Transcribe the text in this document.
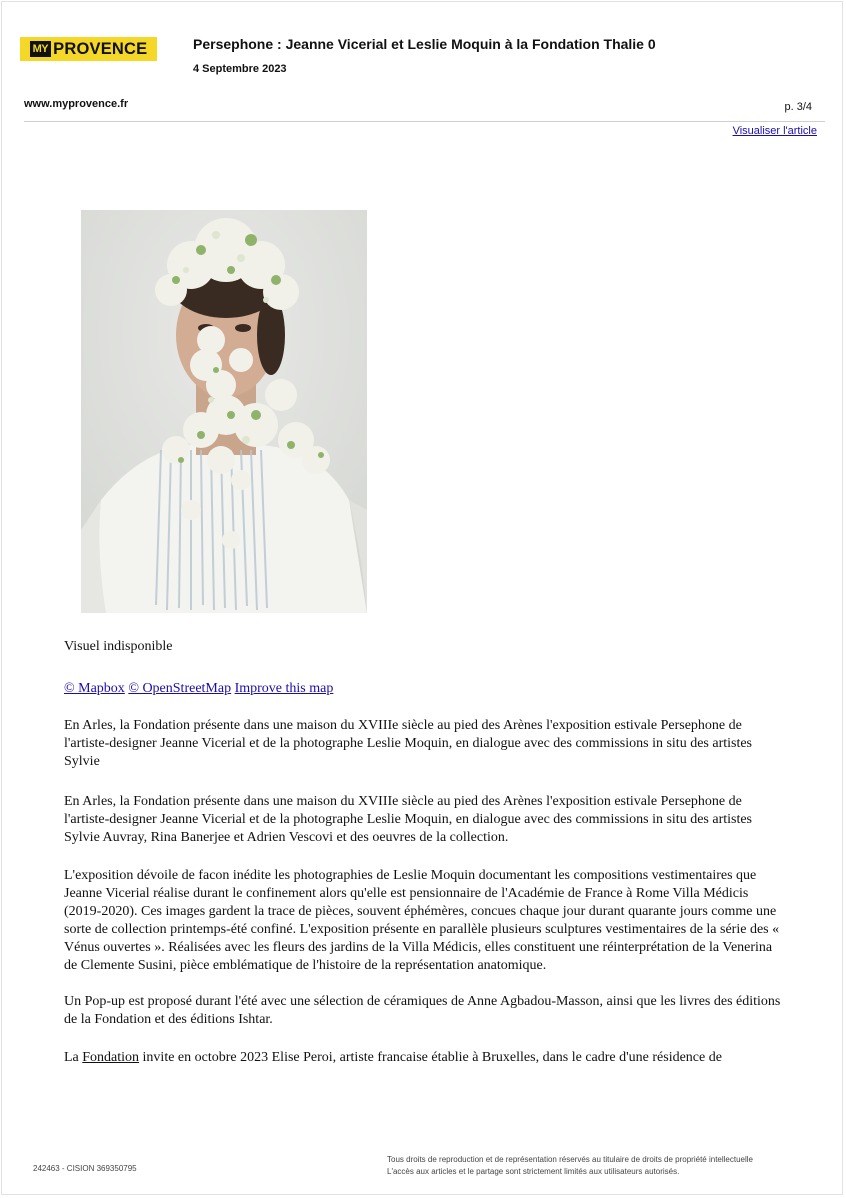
MY PROVENCE	Persephone : Jeanne Vicerial et Leslie Moquin à la Fondation Thalie 0
4 Septembre 2023
www.myprovence.fr	p. 3/4
Visualiser l'article
Visuel indisponible
© Mapbox © OpenStreetMap Improve this map

En Arles, la Fondation présente dans une maison du XVIIIe siècle au pied des Arènes l'exposition estivale Persephone de l'artiste-designer Jeanne Vicerial et de la photographe Leslie Moquin, en dialogue avec des commissions in situ des artistes Sylvie

En Arles, la Fondation présente dans une maison du XVIIIe siècle au pied des Arènes l'exposition estivale Persephone de l'artiste-designer Jeanne Vicerial et de la photographe Leslie Moquin, en dialogue avec des commissions in situ des artistes Sylvie Auvray, Rina Banerjee et Adrien Vescovi et des oeuvres de la collection.

L'exposition dévoile de facon inédite les photographies de Leslie Moquin documentant les compositions vestimentaires que Jeanne Vicerial réalise durant le confinement alors qu'elle est pensionnaire de l'Académie de France à Rome Villa Médicis (2019-2020). Ces images gardent la trace de pièces, souvent éphémères, concues chaque jour durant quarante jours comme une sorte de collection printemps-été confiné. L'exposition présente en parallèle plusieurs sculptures vestimentaires de la série des « Vénus ouvertes ». Réalisées avec les fleurs des jardins de la Villa Médicis, elles constituent une réinterprétation de la Venerina de Clemente Susini, pièce emblématique de l'histoire de la représentation anatomique.

Un Pop-up est proposé durant l'été avec une sélection de céramiques de Anne Agbadou-Masson, ainsi que les livres des éditions de la Fondation et des éditions Ishtar.

La Fondation invite en octobre 2023 Elise Peroi, artiste francaise établie à Bruxelles, dans le cadre d'une résidence de

242463 - CISION 369350795
Tous droits de reproduction et de représentation réservés au titulaire de droits de propriété intellectuelle
L'accès aux articles et le partage sont strictement limités aux utilisateurs autorisés.
